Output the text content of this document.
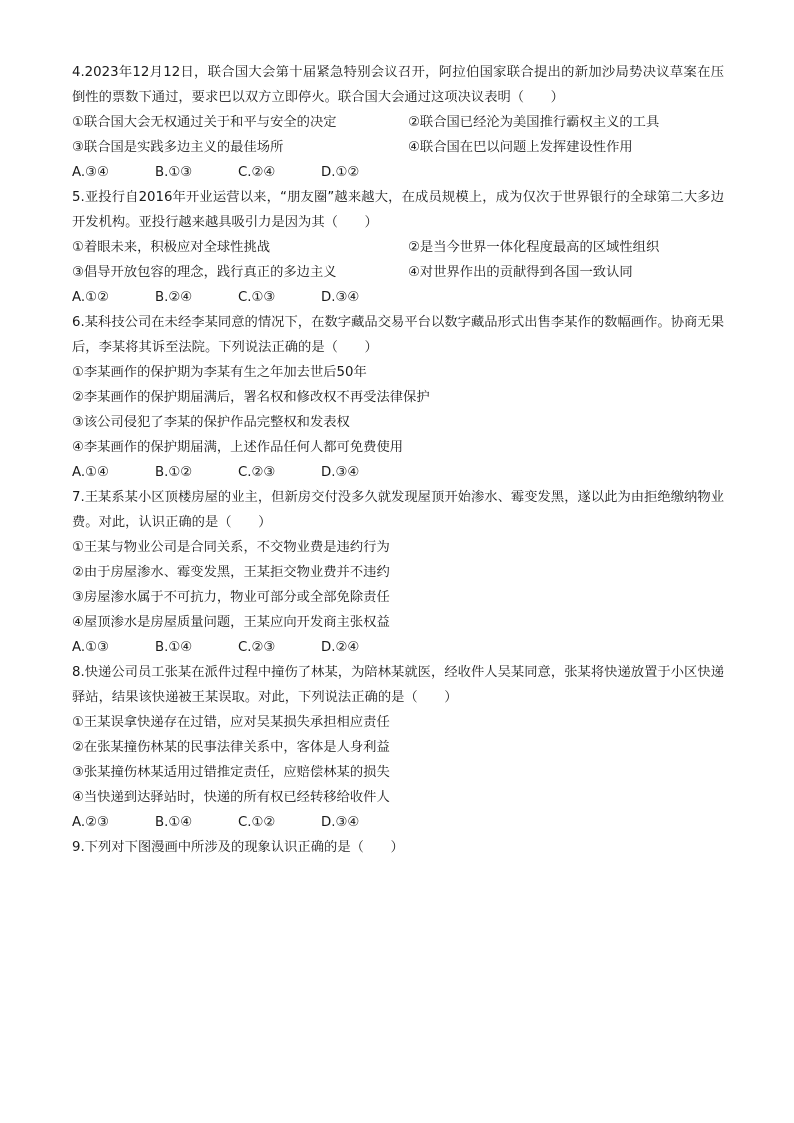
4.2023年12月12日，联合国大会第十届紧急特别会议召开，阿拉伯国家联合提出的新加沙局势决议草案在压倒性的票数下通过，要求巴以双方立即停火。联合国大会通过这项决议表明（　　）

①联合国大会无权通过关于和平与安全的决定	②联合国已经沦为美国推行霸权主义的工具
③联合国是实践多边主义的最佳场所	④联合国在巴以问题上发挥建设性作用
A.③④	B.①③	C.②④	D.①②

5.亚投行自2016年开业运营以来，“朋友圈”越来越大，在成员规模上，成为仅次于世界银行的全球第二大多边开发机构。亚投行越来越具吸引力是因为其（　　）

①着眼未来，积极应对全球性挑战	②是当今世界一体化程度最高的区域性组织
③倡导开放包容的理念，践行真正的多边主义	④对世界作出的贡献得到各国一致认同
A.①②	B.②④	C.①③	D.③④

6.某科技公司在未经李某同意的情况下，在数字藏品交易平台以数字藏品形式出售李某作的数幅画作。协商无果后，李某将其诉至法院。下列说法正确的是（　　）

①李某画作的保护期为李某有生之年加去世后50年

②李某画作的保护期届满后，署名权和修改权不再受法律保护

③该公司侵犯了李某的保护作品完整权和发表权

④李某画作的保护期届满，上述作品任何人都可免费使用

A.①④	B.①②	C.②③	D.③④

7.王某系某小区顶楼房屋的业主，但新房交付没多久就发现屋顶开始渗水、霉变发黑，遂以此为由拒绝缴纳物业费。对此，认识正确的是（　　）

①王某与物业公司是合同关系，不交物业费是违约行为

②由于房屋渗水、霉变发黑，王某拒交物业费并不违约

③房屋渗水属于不可抗力，物业可部分或全部免除责任

④屋顶渗水是房屋质量问题，王某应向开发商主张权益

A.①③	B.①④	C.②③	D.②④

8.快递公司员工张某在派件过程中撞伤了林某，为陪林某就医，经收件人吴某同意，张某将快递放置于小区快递驿站，结果该快递被王某误取。对此，下列说法正确的是（　　）

①王某误拿快递存在过错，应对吴某损失承担相应责任

②在张某撞伤林某的民事法律关系中，客体是人身利益

③张某撞伤林某适用过错推定责任，应赔偿林某的损失

④当快递到达驿站时，快递的所有权已经转移给收件人

A.②③	B.①④	C.①②	D.③④

9.下列对下图漫画中所涉及的现象认识正确的是（　　）
